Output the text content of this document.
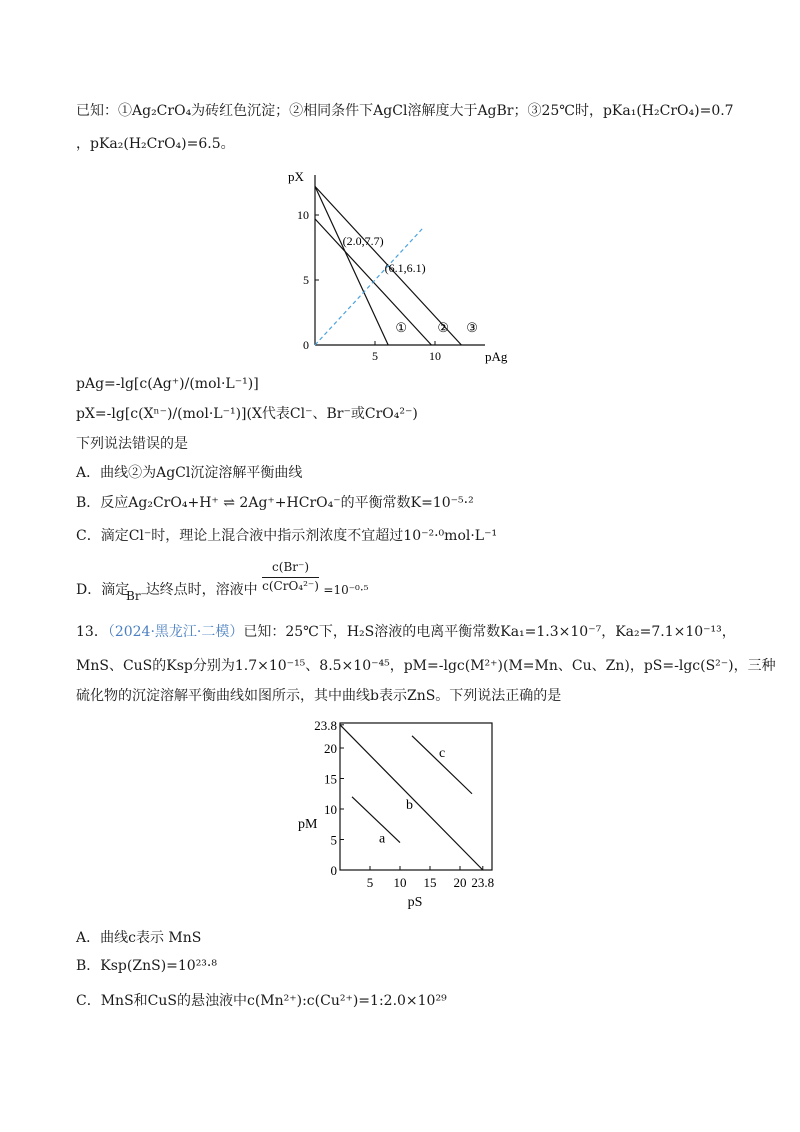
已知：①Ag₂CrO₄为砖红色沉淀；②相同条件下AgCl溶解度大于AgBr；③25℃时，pKa₁(H₂CrO₄)=0.7
，pKa₂(H₂CrO₄)=6.5。
pX
pAg
0
5
10
5	10
① ② ③
(2.0,7.7)
(6.1,6.1)
pAg=-lg[c(Ag⁺)/(mol·L⁻¹)]
pX=-lg[c(Xⁿ⁻)/(mol·L⁻¹)](X代表Cl⁻、Br⁻或CrO₄²⁻)
下列说法错误的是
A．曲线②为AgCl沉淀溶解平衡曲线
B．反应Ag₂CrO₄+H⁺ ⇌ 2Ag⁺+HCrO₄⁻的平衡常数K=10⁻⁵·²
C．滴定Cl⁻时，理论上混合液中指示剂浓度不宜超过10⁻²·⁰mol·L⁻¹
D．滴定
Br⁻
达终点时，溶液中 $\frac{c(Br^-)}{\text{c(CrO₄²⁻)}} =10^{-0}\cdot^5$
13．（2024·黑龙江·二模）已知：25℃下，H₂S溶液的电离平衡常数Ka₁=1.3×10⁻⁷，Ka₂=7.1×10⁻¹³，
MnS、CuS的Ksp分别为1.7×10⁻¹⁵、8.5×10⁻⁴⁵，pM=-lgc(M²⁺)(M=Mn、Cu、Zn)，pS=-lgc(S²⁻)，三种
硫化物的沉淀溶解平衡曲线如图所示，其中曲线b表示ZnS。下列说法正确的是
pM
pS
0
5
10
15
20
23.8
5 10 15 20 23.8
a
b
c
A．曲线c表示 MnS
B．Ksp(ZnS)=10²³·⁸
C．MnS和CuS的悬浊液中c(Mn²⁺):c(Cu²⁺)=1:2.0×10²⁹
